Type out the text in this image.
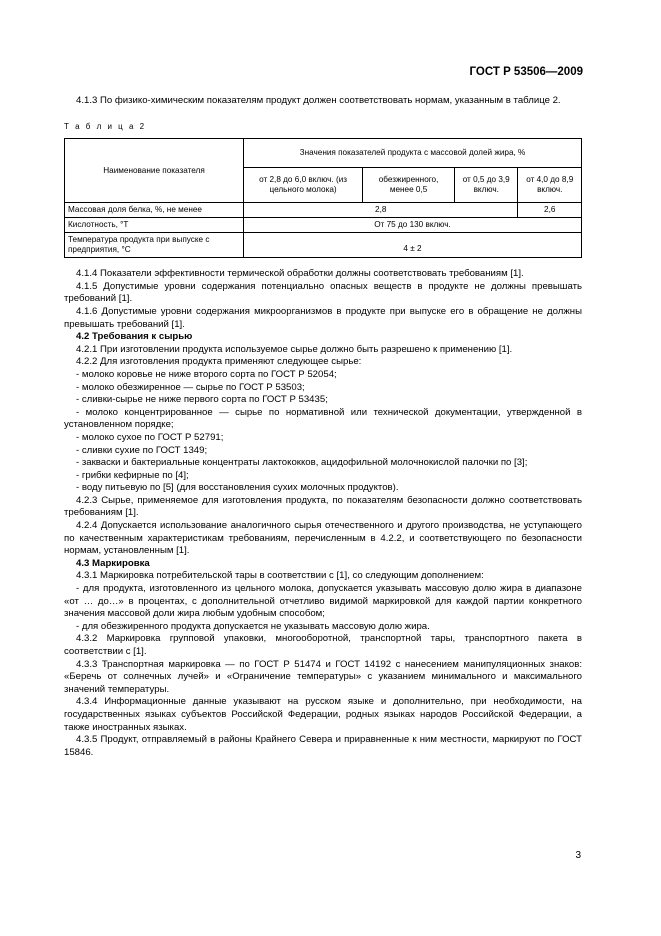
ГОСТ Р 53506—2009

4.1.3 По физико-химическим показателям продукт должен соответствовать нормам, указанным в таблице 2.

Т а б л и ц а 2
Наименование показателя	Значения показателей продукта с массовой долей жира, %			
	от 2,8 до 6,0 включ. (из цельного молока)	обезжиренного, менее 0,5	от 0,5 до 3,9 включ.	от 4,0 до 8,9 включ.
Массовая доля белка, %, не менее	2,8			2,6
Кислотность, °Т	От 75 до 130 включ.			
Температура продукта при выпуске с предприятия, °С	4 ± 2			

4.1.4 Показатели эффективности термической обработки должны соответствовать требованиям [1].

4.1.5 Допустимые уровни содержания потенциально опасных веществ в продукте не должны превышать требований [1].

4.1.6 Допустимые уровни содержания микроорганизмов в продукте при выпуске его в обращение не должны превышать требований [1].

4.2 Требования к сырью

4.2.1 При изготовлении продукта используемое сырье должно быть разрешено к применению [1].

4.2.2 Для изготовления продукта применяют следующее сырье:

- молоко коровье не ниже второго сорта по ГОСТ Р 52054;

- молоко обезжиренное — сырье по ГОСТ Р 53503;

- сливки-сырье не ниже первого сорта по ГОСТ Р 53435;

- молоко концентрированное — сырье по нормативной или технической документации, утвержденной в установленном порядке;

- молоко сухое по ГОСТ Р 52791;

- сливки сухие по ГОСТ 1349;

- закваски и бактериальные концентраты лактококков, ацидофильной молочнокислой палочки по [3];

- грибки кефирные по [4];

- воду питьевую по [5] (для восстановления сухих молочных продуктов).

4.2.3 Сырье, применяемое для изготовления продукта, по показателям безопасности должно соответствовать требованиям [1].

4.2.4 Допускается использование аналогичного сырья отечественного и другого производства, не уступающего по качественным характеристикам требованиям, перечисленным в 4.2.2, и соответствующего по безопасности нормам, установленным [1].

4.3 Маркировка

4.3.1 Маркировка потребительской тары в соответствии с [1], со следующим дополнением:

- для продукта, изготовленного из цельного молока, допускается указывать массовую долю жира в диапазоне «от … до…» в процентах, с дополнительной отчетливо видимой маркировкой для каждой партии конкретного значения массовой доли жира любым удобным способом;

- для обезжиренного продукта допускается не указывать массовую долю жира.

4.3.2 Маркировка групповой упаковки, многооборотной, транспортной тары, транспортного пакета в соответствии с [1].

4.3.3 Транспортная маркировка — по ГОСТ Р 51474 и ГОСТ 14192 с нанесением манипуляционных знаков: «Беречь от солнечных лучей» и «Ограничение температуры» с указанием минимального и максимального значений температуры.

4.3.4 Информационные данные указывают на русском языке и дополнительно, при необходимости, на государственных языках субъектов Российской Федерации, родных языках народов Российской Федерации, а также иностранных языках.

4.3.5 Продукт, отправляемый в районы Крайнего Севера и приравненные к ним местности, маркируют по ГОСТ 15846.

3
